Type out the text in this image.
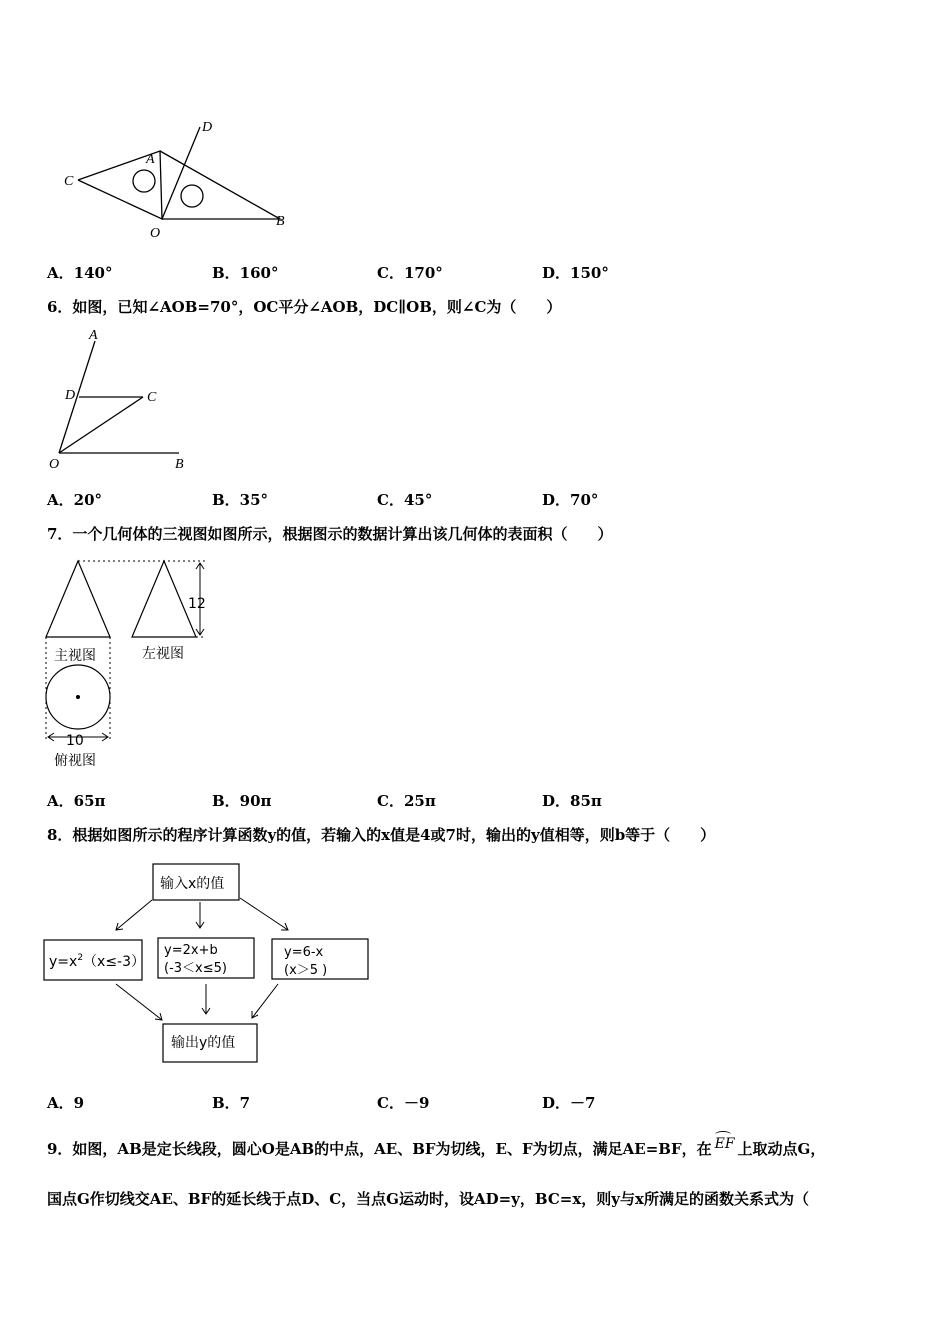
C
A
D
O
B
A．140°	B．160°	C．170°	D．150°
6．如图，已知∠AOB=70°，OC平分∠AOB，DC∥OB，则∠C为（　　）
A
D	C
O	B
A．20°	B．35°	C．45°	D．70°
7．一个几何体的三视图如图所示，根据图示的数据计算出该几何体的表面积（　　）
12
10
主视图	左视图
俯视图
A．65π	B．90π	C．25π	D．85π
8．根据如图所示的程序计算函数y的值，若输入的x值是4或7时，输出的y值相等，则b等于（　　）
输入x的值
$y=x^2(x\le-3)$
y=2x+b
(-3＜x≤5)
y=6-x
(x＞5 )
输出y的值
A．9	B．7	C．－9	D．－7
9．如图，AB是定长线段，圆心O是AB的中点，AE、BF为切线，E、F为切点，满足AE=BF，在 EF 上取动点G，
国点G作切线交AE、BF的延长线于点D、C，当点G运动时，设AD=y，BC=x，则y与x所满足的函数关系式为（
